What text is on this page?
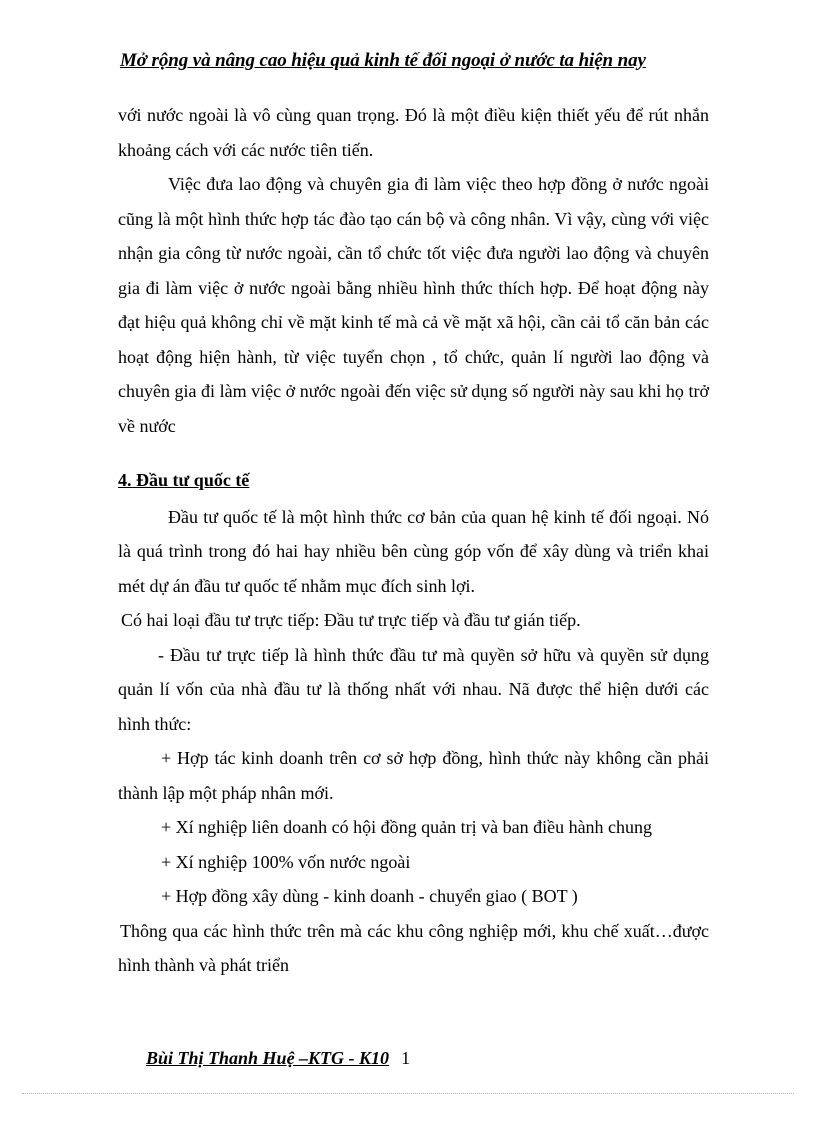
Mở rộng và nâng cao hiệu quả kinh tế đối ngoại ở nước ta hiện nay

với nước ngoài là vô cùng quan trọng. Đó là một điều kiện thiết yếu để rút nhắn khoảng cách với các nước tiên tiến.

Việc đưa lao động và chuyên gia đi làm việc theo hợp đồng ở nước ngoài cũng là một hình thức hợp tác đào tạo cán bộ và công nhân. Vì vậy, cùng với việc nhận gia công từ nước ngoài, cần tổ chức tốt việc đưa người lao động và chuyên gia đi làm việc ở nước ngoài bằng nhiều hình thức thích hợp. Để hoạt động này đạt hiệu quả không chỉ về mặt kinh tế mà cả về mặt xã hội, cần cải tổ căn bản các hoạt động hiện hành, từ việc tuyển chọn , tổ chức, quản lí người lao động và chuyên gia đi làm việc ở nước ngoài đến việc sử dụng số người này sau khi họ trở về nước

4. Đầu tư quốc tế

Đầu tư quốc tế là một hình thức cơ bản của quan hệ kinh tế đối ngoại. Nó là quá trình trong đó hai hay nhiều bên cùng góp vốn để xây dùng và triển khai mét dự án đầu tư quốc tế nhằm mục đích sinh lợi.

Có hai loại đầu tư trực tiếp: Đầu tư trực tiếp và đầu tư gián tiếp.

- Đầu tư trực tiếp là hình thức đầu tư mà quyền sở hữu và quyền sử dụng quản lí vốn của nhà đầu tư là thống nhất với nhau. Nã được thể hiện dưới các hình thức:

+ Hợp tác kinh doanh trên cơ sở hợp đồng, hình thức này không cần phải thành lập một pháp nhân mới.

+ Xí nghiệp liên doanh có hội đồng quản trị và ban điều hành chung

+ Xí nghiệp 100% vốn nước ngoài

+ Hợp đồng xây dùng - kinh doanh - chuyển giao ( BOT )

Thông qua các hình thức trên mà các khu công nghiệp mới, khu chế xuất…được hình thành và phát triển

Bùi Thị Thanh Huệ –KTG - K10 1
